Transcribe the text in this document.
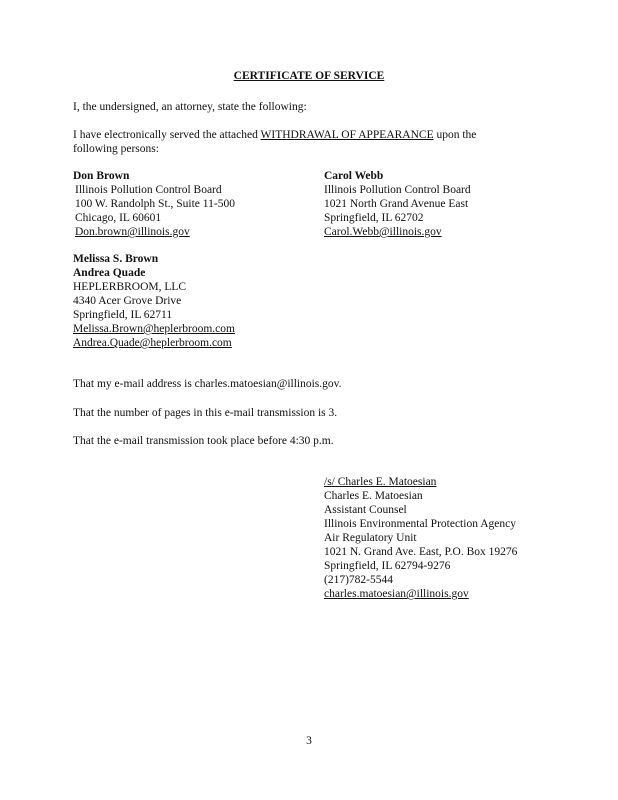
CERTIFICATE OF SERVICE
I, the undersigned, an attorney, state the following:
I have electronically served the attached WITHDRAWAL OF APPEARANCE upon the
following persons:
Don Brown
Illinois Pollution Control Board
100 W. Randolph St., Suite 11-500
Chicago, IL 60601
Don.brown@illinois.gov
Carol Webb
Illinois Pollution Control Board
1021 North Grand Avenue East
Springfield, IL 62702
Carol.Webb@illinois.gov
Melissa S. Brown
Andrea Quade
HEPLERBROOM, LLC
4340 Acer Grove Drive
Springfield, IL 62711
Melissa.Brown@heplerbroom.com
Andrea.Quade@heplerbroom.com
That my e-mail address is charles.matoesian@illinois.gov.
That the number of pages in this e-mail transmission is 3.
That the e-mail transmission took place before 4:30 p.m.
/s/ Charles E. Matoesian
Charles E. Matoesian
Assistant Counsel
Illinois Environmental Protection Agency
Air Regulatory Unit
1021 N. Grand Ave. East, P.O. Box 19276
Springfield, IL 62794-9276
(217)782-5544
charles.matoesian@illinois.gov
3
